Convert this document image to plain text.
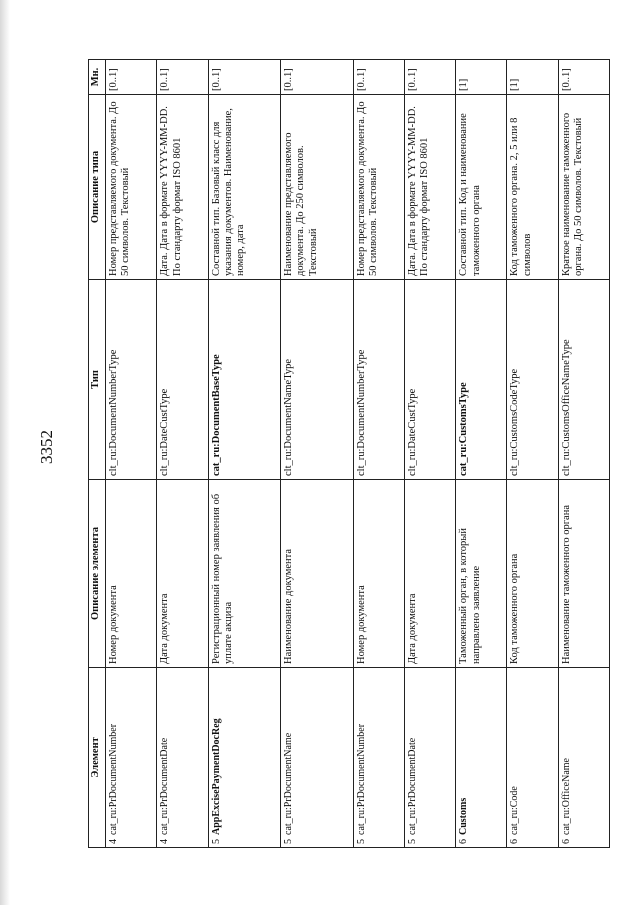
3352
Элемент	Описание элемента	Тип	Описание типа	Мн.
4cat_ru:PrDocumentNumber	Номер документа	clt_ru:DocumentNumberType	Номер представляемого документа. До 50 символов. Текстовый	[0..1]
4cat_ru:PrDocumentDate	Дата документа	clt_ru:DateCustType	Дата. Дата в формате YYYY-MM-DD. По стандарту формат ISO 8601	[0..1]
5AppExcisePaymentDocReg	Регистрационный номер заявления об уплате акциза	cat_ru:DocumentBaseType	Составной тип. Базовый класс для указания документов. Наименование, номер, дата	[0..1]
5cat_ru:PrDocumentName	Наименование документа	clt_ru:DocumentNameType	Наименование представляемого документа. До 250 символов. Текстовый	[0..1]
5cat_ru:PrDocumentNumber	Номер документа	clt_ru:DocumentNumberType	Номер представляемого документа. До 50 символов. Текстовый	[0..1]
5cat_ru:PrDocumentDate	Дата документа	clt_ru:DateCustType	Дата. Дата в формате YYYY-MM-DD. По стандарту формат ISO 8601	[0..1]
6Customs	Таможенный орган, в который направлено заявление	cat_ru:CustomsType	Составной тип. Код и наименование таможенного органа	[1]
6cat_ru:Code	Код таможенного органа	clt_ru:CustomsCodeType	Код таможенного органа. 2, 5 или 8 символов	[1]
6cat_ru:OfficeName	Наименование таможенного органа	clt_ru:CustomsOfficeNameType	Краткое наименование таможенного органа. До 50 символов. Текстовый	[0..1]
